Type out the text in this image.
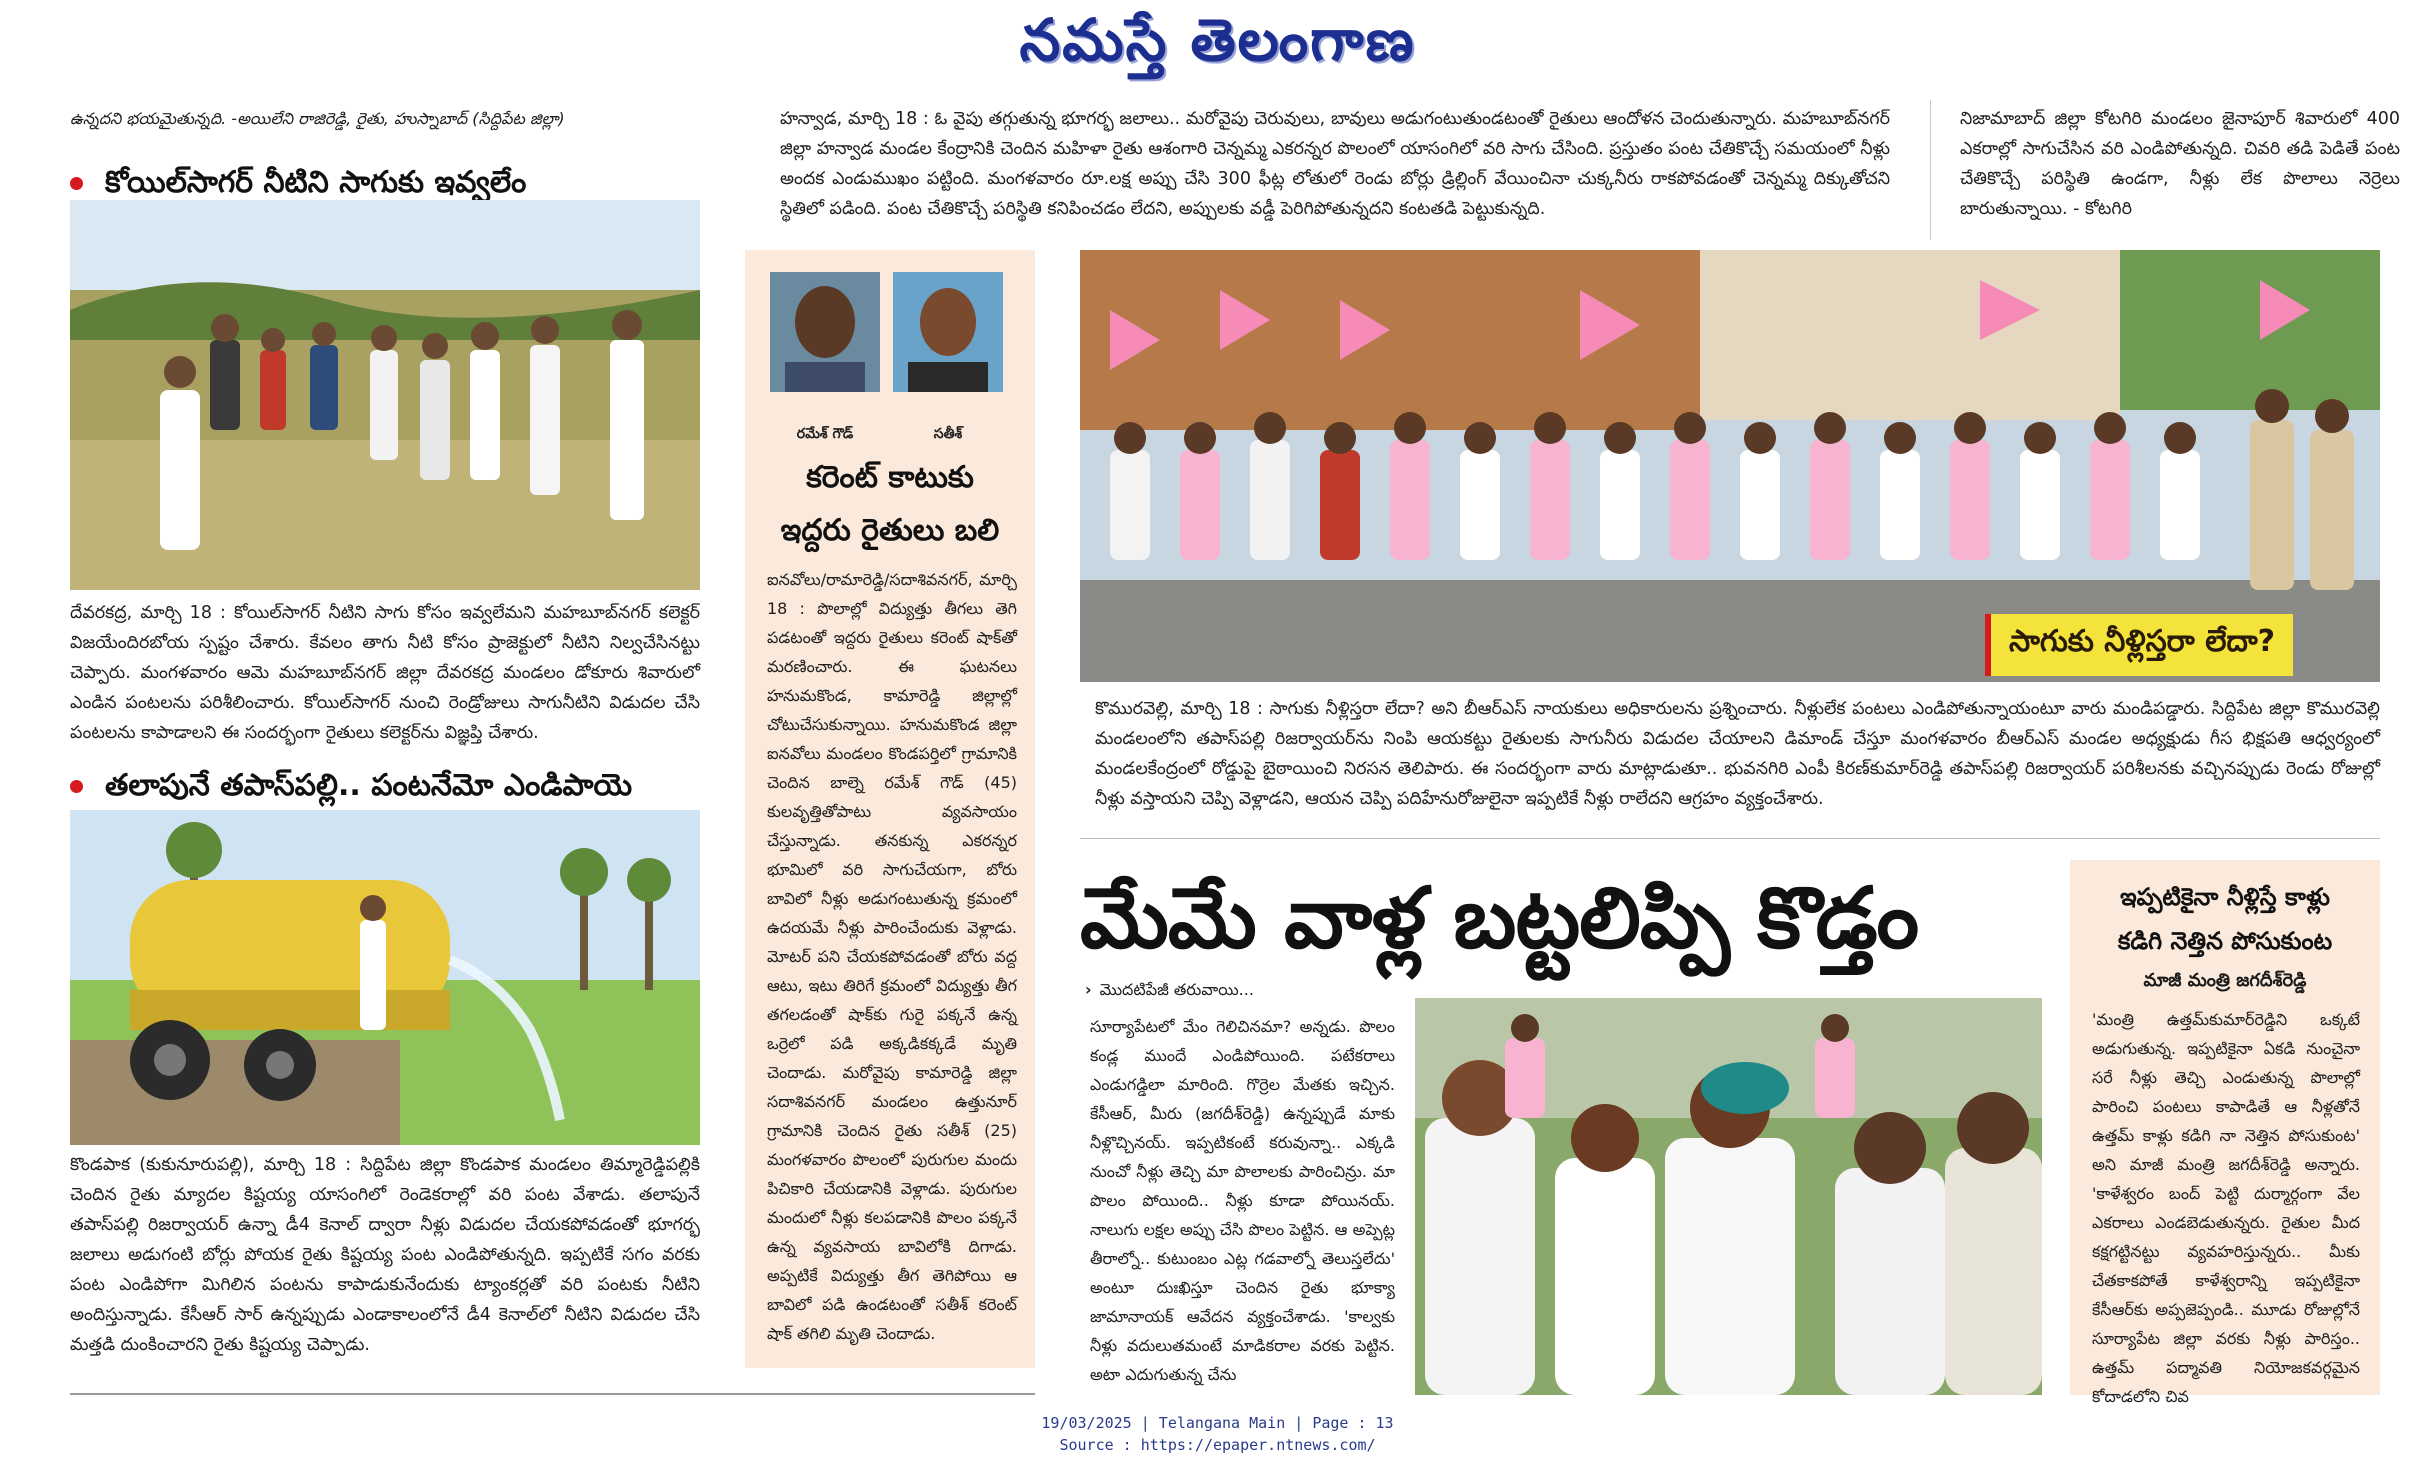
నమస్తే తెలంగాణ
ఉన్నదని భయమైతున్నది. -అయిలేని రాజిరెడ్డి, రైతు, హుస్నాబాద్ (సిద్దిపేట జిల్లా)
కోయిల్‌సాగర్ నీటిని సాగుకు ఇవ్వలేం
దేవరకద్ర, మార్చి 18 : కోయిల్‌సాగర్ నీటిని సాగు కోసం ఇవ్వలేమని మహబూబ్‌నగర్ కలెక్టర్ విజయేందిరబోయ స్పష్టం చేశారు. కేవలం తాగు నీటి కోసం ప్రాజెక్టులో నీటిని నిల్వచేసినట్టు చెప్పారు. మంగళవారం ఆమె మహబూబ్‌నగర్ జిల్లా దేవరకద్ర మండలం డోకూరు శివారులో ఎండిన పంటలను పరిశీలించారు. కోయిల్‌సాగర్ నుంచి రెండ్రోజులు సాగునీటిని విడుదల చేసి పంటలను కాపాడాలని ఈ సందర్భంగా రైతులు కలెక్టర్‌ను విజ్ఞప్తి చేశారు.
తలాపునే తపాస్‌పల్లి.. పంటనేమో ఎండిపాయె
కొండపాక (కుకునూరుపల్లి), మార్చి 18 : సిద్దిపేట జిల్లా కొండపాక మండలం తిమ్మారెడ్డిపల్లికి చెందిన రైతు మ్యాదల కిష్టయ్య యాసంగిలో రెండెకరాల్లో వరి పంట వేశాడు. తలాపునే తపాస్‌పల్లి రిజర్వాయర్ ఉన్నా డీ4 కెనాల్ ద్వారా నీళ్లు విడుదల చేయకపోవడంతో భూగర్భ జలాలు అడుగంటి బోర్లు పోయక రైతు కిష్టయ్య పంట ఎండిపోతున్నది. ఇప్పటికే సగం వరకు పంట ఎండిపోగా మిగిలిన పంటను కాపాడుకునేందుకు ట్యాంకర్లతో వరి పంటకు నీటిని అందిస్తున్నాడు. కేసీఆర్ సార్ ఉన్నప్పుడు ఎండాకాలంలోనే డీ4 కెనాల్‌లో నీటిని విడుదల చేసి మత్తడి దుంకించారని రైతు కిష్టయ్య చెప్పాడు.
రమేశ్ గౌడ్	సతీశ్
కరెంట్ కాటుకు
ఇద్దరు రైతులు బలి
ఐనవోలు/రామారెడ్డి/సదాశివనగర్, మార్చి 18 : పొలాల్లో విద్యుత్తు తీగలు తెగి పడటంతో ఇద్దరు రైతులు కరెంట్ షాక్‌తో మరణించారు. ఈ ఘటనలు హనుమకొండ, కామారెడ్డి జిల్లాల్లో చోటుచేసుకున్నాయి. హనుమకొండ జిల్లా ఐనవోలు మండలం కొండపర్తిలో గ్రామానికి చెందిన బాల్నె రమేశ్ గౌడ్ (45) కులవృత్తితోపాటు వ్యవసాయం చేస్తున్నాడు. తనకున్న ఎకరన్నర భూమిలో వరి సాగుచేయగా, బోరు బావిలో నీళ్లు అడుగంటుతున్న క్రమంలో ఉదయమే నీళ్లు పారించేందుకు వెళ్లాడు. మోటర్ పని చేయకపోవడంతో బోరు వద్ద ఆటు, ఇటు తిరిగే క్రమంలో విద్యుత్తు తీగ తగలడంతో షాక్‌కు గురై పక్కనే ఉన్న ఒర్రెలో పడి అక్కడికక్కడే మృతి చెందాడు. మరోవైపు కామారెడ్డి జిల్లా సదాశివనగర్ మండలం ఉత్తునూర్ గ్రామానికి చెందిన రైతు సతీశ్ (25) మంగళవారం పొలంలో పురుగుల మందు పిచికారి చేయడానికి వెళ్లాడు. పురుగుల మందులో నీళ్లు కలపడానికి పొలం పక్కనే ఉన్న వ్యవసాయ బావిలోకి దిగాడు. అప్పటికే విద్యుత్తు తీగ తెగిపోయి ఆ బావిలో పడి ఉండటంతో సతీశ్ కరెంట్ షాక్ తగిలి మృతి చెందాడు.
హన్వాడ, మార్చి 18 : ఓ వైపు తగ్గుతున్న భూగర్భ జలాలు.. మరోవైపు చెరువులు, బావులు అడుగంటుతుండటంతో రైతులు ఆందోళన చెందుతున్నారు. మహబూబ్‌నగర్ జిల్లా హన్వాడ మండల కేంద్రానికి చెందిన మహిళా రైతు ఆశంగారి చెన్నమ్మ ఎకరన్నర పొలంలో యాసంగిలో వరి సాగు చేసింది. ప్రస్తుతం పంట చేతికొచ్చే సమయంలో నీళ్లు అందక ఎండుముఖం పట్టింది. మంగళవారం రూ.లక్ష అప్పు చేసి 300 ఫీట్ల లోతులో రెండు బోర్లు డ్రిల్లింగ్ వేయించినా చుక్కనీరు రాకపోవడంతో చెన్నమ్మ దిక్కుతోచని స్థితిలో పడింది. పంట చేతికొచ్చే పరిస్థితి కనిపించడం లేదని, అప్పులకు వడ్డీ పెరిగిపోతున్నదని కంటతడి పెట్టుకున్నది.
నిజామాబాద్ జిల్లా కోటగిరి మండలం జైనాపూర్ శివారులో 400 ఎకరాల్లో సాగుచేసిన వరి ఎండిపోతున్నది. చివరి తడి పెడితే పంట చేతికొచ్చే పరిస్థితి ఉండగా, నీళ్లు లేక పొలాలు నెర్రెలు బారుతున్నాయి. - కోటగిరి
సాగుకు నీళ్లిస్తరా లేదా?
కొమురవెల్లి, మార్చి 18 : సాగుకు నీళ్లిస్తరా లేదా? అని బీఆర్‌ఎస్ నాయకులు అధికారులను ప్రశ్నించారు. నీళ్లులేక పంటలు ఎండిపోతున్నాయంటూ వారు మండిపడ్డారు. సిద్దిపేట జిల్లా కొమురవెల్లి మండలంలోని తపాస్‌పల్లి రిజర్వాయర్‌ను నింపి ఆయకట్టు రైతులకు సాగునీరు విడుదల చేయాలని డిమాండ్ చేస్తూ మంగళవారం బీఆర్‌ఎస్ మండల అధ్యక్షుడు గీస భిక్షపతి ఆధ్వర్యంలో మండలకేంద్రంలో రోడ్డుపై బైఠాయించి నిరసన తెలిపారు. ఈ సందర్భంగా వారు మాట్లాడుతూ.. భువనగిరి ఎంపీ కిరణ్‌కుమార్‌రెడ్డి తపాస్‌పల్లి రిజర్వాయర్ పరిశీలనకు వచ్చినప్పుడు రెండు రోజుల్లో నీళ్లు వస్తాయని చెప్పి వెళ్లాడని, ఆయన చెప్పి పదిహేనురోజులైనా ఇప్పటికే నీళ్లు రాలేదని ఆగ్రహం వ్యక్తంచేశారు.
మేమే వాళ్ల బట్టలిప్పి కొడ్తం
› మొదటిపేజీ తరువాయి...
సూర్యాపేటలో మేం గెలిచినమా? అన్నడు. పొలం కండ్ల ముందే ఎండిపోయింది. పటేకరాలు ఎండుగడ్డిలా మారింది. గొర్రెల మేతకు ఇచ్చిన. కేసీఆర్, మీరు (జగదీశ్‌రెడ్డి) ఉన్నప్పుడే మాకు నీళ్లొచ్చినయ్. ఇప్పటికంటే కరువున్నా.. ఎక్కడి నుంచో నీళ్లు తెచ్చి మా పొలాలకు పారించిన్రు. మా పొలం పోయింది.. నీళ్లు కూడా పోయినయ్. నాలుగు లక్షల అప్పు చేసి పొలం పెట్టిన. ఆ అప్పెట్ల తీరాల్నో.. కుటుంబం ఎట్ల గడవాల్నో తెలుస్తలేదు' అంటూ దుఃఖిస్తూ చెందిన రైతు భూక్యా జామానాయక్ ఆవేదన వ్యక్తంచేశాడు. 'కాల్వకు నీళ్లు వదులుతమంటే మాడికరాల వరకు పెట్టిన. అటా ఎదుగుతున్న చేను
ఇప్పటికైనా నీళ్లిస్తే కాళ్లు
కడిగి నెత్తిన పోసుకుంట
మాజీ మంత్రి జగదీశ్‌రెడ్డి
'మంత్రి ఉత్తమ్‌కుమార్‌రెడ్డిని ఒక్కటే అడుగుతున్న. ఇప్పటికైనా ఏకడి నుంచైనా సరే నీళ్లు తెచ్చి ఎండుతున్న పొలాల్లో పారించి పంటలు కాపాడితే ఆ నీళ్లతోనే ఉత్తమ్ కాళ్లు కడిగి నా నెత్తిన పోసుకుంట' అని మాజీ మంత్రి జగదీశ్‌రెడ్డి అన్నారు. 'కాళేశ్వరం బంద్ పెట్టి దుర్మార్గంగా వేల ఎకరాలు ఎండబెడుతున్నరు. రైతుల మీద కక్షగట్టినట్టు వ్యవహరిస్తున్నరు.. మీకు చేతకాకపోతే కాళేశ్వరాన్ని ఇప్పటికైనా కేసీఆర్‌కు అప్పజెప్పండి.. మూడు రోజుల్లోనే సూర్యాపేట జిల్లా వరకు నీళ్లు పారిస్తం.. ఉత్తమ్ పద్మావతి నియోజకవర్గమైన కోదాడలోని చివ
19/03/2025 | Telangana Main | Page : 13
Source : https://epaper.ntnews.com/
